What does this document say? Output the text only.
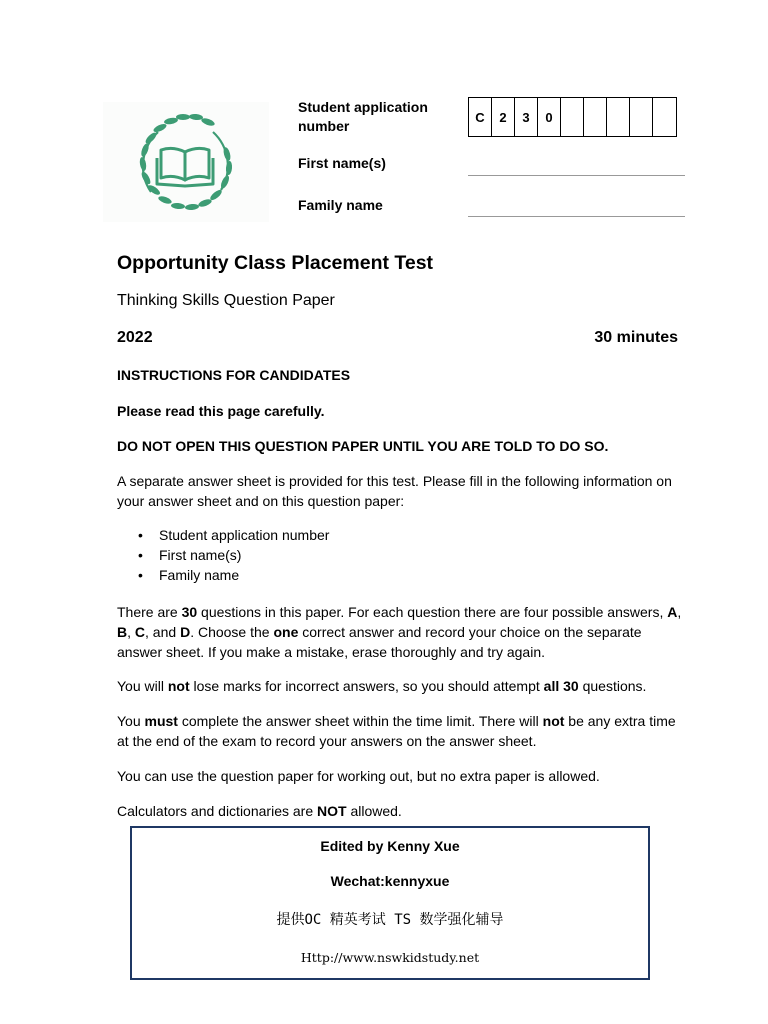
Student application
number
C	2	3	0
First name(s)
Family name
Opportunity Class Placement Test
Thinking Skills Question Paper
2022	30 minutes
INSTRUCTIONS FOR CANDIDATES
Please read this page carefully.
DO NOT OPEN THIS QUESTION PAPER UNTIL YOU ARE TOLD TO DO SO.
A separate answer sheet is provided for this test. Please fill in the following information on your answer sheet and on this question paper:
• Student application number
• First name(s)
• Family name
There are 30 questions in this paper. For each question there are four possible answers, A, B, C, and D. Choose the one correct answer and record your choice on the separate answer sheet. If you make a mistake, erase thoroughly and try again.
You will not lose marks for incorrect answers, so you should attempt all 30 questions.
You must complete the answer sheet within the time limit. There will not be any extra time at the end of the exam to record your answers on the answer sheet.
You can use the question paper for working out, but no extra paper is allowed.
Calculators and dictionaries are NOT allowed.
Edited by Kenny Xue
Wechat:kennyxue
提供OC 精英考试 TS 数学强化辅导
Http://www.nswkidstudy.net
